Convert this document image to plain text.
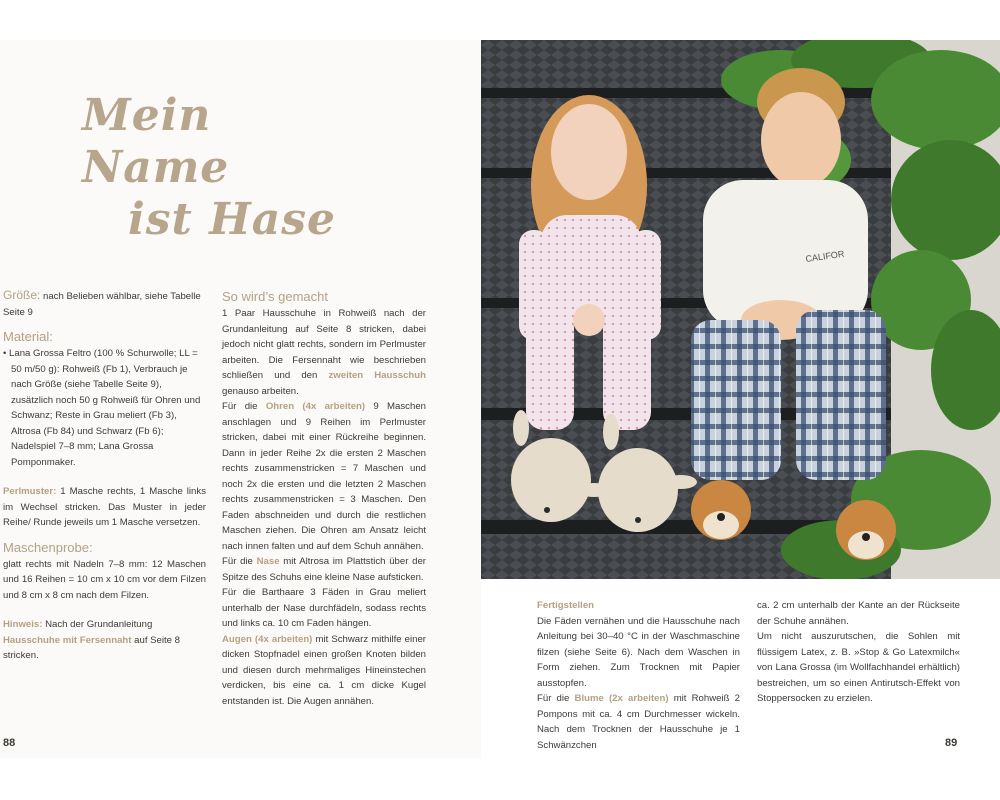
Mein Name
ist Hase

Größe: nach Belieben wählbar, siehe Tabelle Seite 9

Material:

• Lana Grossa Feltro (100 % Schurwolle; LL = 50 m/50 g): Rohweiß (Fb 1), Verbrauch je nach Größe (siehe Tabelle Seite 9), zusätzlich noch 50 g Rohweiß für Ohren und Schwanz; Reste in Grau meliert (Fb 3), Altrosa (Fb 84) und Schwarz (Fb 6); Nadelspiel 7–8 mm; Lana Grossa Pomponmaker.

Perlmuster: 1 Masche rechts, 1 Masche links im Wechsel stricken. Das Muster in jeder Reihe/ Runde jeweils um 1 Masche versetzen.

Maschenprobe:

glatt rechts mit Nadeln 7–8 mm: 12 Maschen und 16 Reihen = 10 cm x 10 cm vor dem Filzen und 8 cm x 8 cm nach dem Filzen.

Hinweis: Nach der Grundanleitung Hausschuhe mit Fersennaht auf Seite 8 stricken.

So wird’s gemacht

1 Paar Hausschuhe in Rohweiß nach der Grundanleitung auf Seite 8 stricken, dabei jedoch nicht glatt rechts, sondern im Perlmuster arbeiten. Die Fersennaht wie beschrieben schließen und den zweiten Hausschuh genauso arbeiten.

Für die Ohren (4x arbeiten) 9 Maschen anschlagen und 9 Reihen im Perlmuster stricken, dabei mit einer Rückreihe beginnen. Dann in jeder Reihe 2x die ersten 2 Maschen rechts zusammenstricken = 7 Maschen und noch 2x die ersten und die letzten 2 Maschen rechts zusammenstricken = 3 Maschen. Den Faden abschneiden und durch die restlichen Maschen ziehen. Die Ohren am Ansatz leicht nach innen falten und auf dem Schuh annähen.

Für die Nase mit Altrosa im Plattstich über der Spitze des Schuhs eine kleine Nase aufsticken.

Für die Barthaare 3 Fäden in Grau meliert unterhalb der Nase durchfädeln, sodass rechts und links ca. 10 cm Faden hängen.

Augen (4x arbeiten) mit Schwarz mithilfe einer dicken Stopfnadel einen großen Knoten bilden und diesen durch mehrmaliges Hineinstechen verdicken, bis eine ca. 1 cm dicke Kugel entstanden ist. Die Augen annähen.

CALIFOR
Fertigstellen

Die Fäden vernähen und die Hausschuhe nach Anleitung bei 30–40 °C in der Waschmaschine filzen (siehe Seite 6). Nach dem Waschen in Form ziehen. Zum Trocknen mit Papier ausstopfen.

Für die Blume (2x arbeiten) mit Rohweiß 2 Pompons mit ca. 4 cm Durchmesser wickeln. Nach dem Trocknen der Hausschuhe je 1 Schwänzchen

ca. 2 cm unterhalb der Kante an der Rückseite der Schuhe annähen.

Um nicht auszurutschen, die Sohlen mit flüssigem Latex, z. B. »Stop & Go Latexmilch« von Lana Grossa (im Wollfachhandel erhältlich) bestreichen, um so einen Antirutsch-Effekt von Stoppersocken zu erzielen.

88	89
